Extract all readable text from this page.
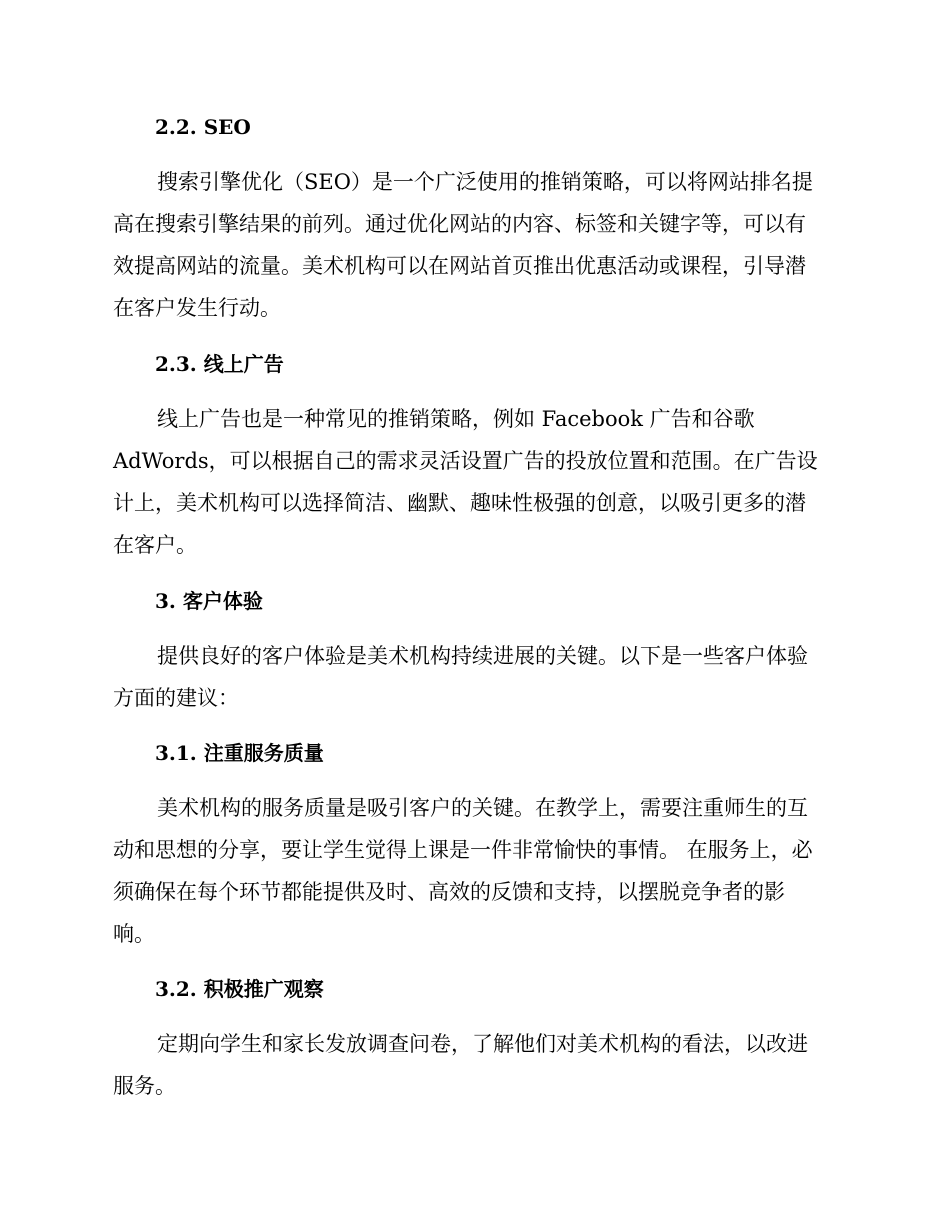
2.2. SEO
搜索引擎优化（SEO）是一个广泛使用的推销策略，可以将网站排名提
高在搜索引擎结果的前列。通过优化网站的内容、标签和关键字等，可以有
效提高网站的流量。美术机构可以在网站首页推出优惠活动或课程，引导潜
在客户发生行动。
2.3. 线上广告
线上广告也是一种常见的推销策略，例如 Facebook 广告和谷歌
AdWords，可以根据自己的需求灵活设置广告的投放位置和范围。在广告设
计上，美术机构可以选择简洁、幽默、趣味性极强的创意，以吸引更多的潜
在客户。
3. 客户体验
提供良好的客户体验是美术机构持续进展的关键。以下是一些客户体验
方面的建议：
3.1. 注重服务质量
美术机构的服务质量是吸引客户的关键。在教学上，需要注重师生的互
动和思想的分享，要让学生觉得上课是一件非常愉快的事情。 在服务上，必
须确保在每个环节都能提供及时、高效的反馈和支持，以摆脱竞争者的影
响。
3.2. 积极推广观察
定期向学生和家长发放调查问卷，了解他们对美术机构的看法，以改进
服务。
